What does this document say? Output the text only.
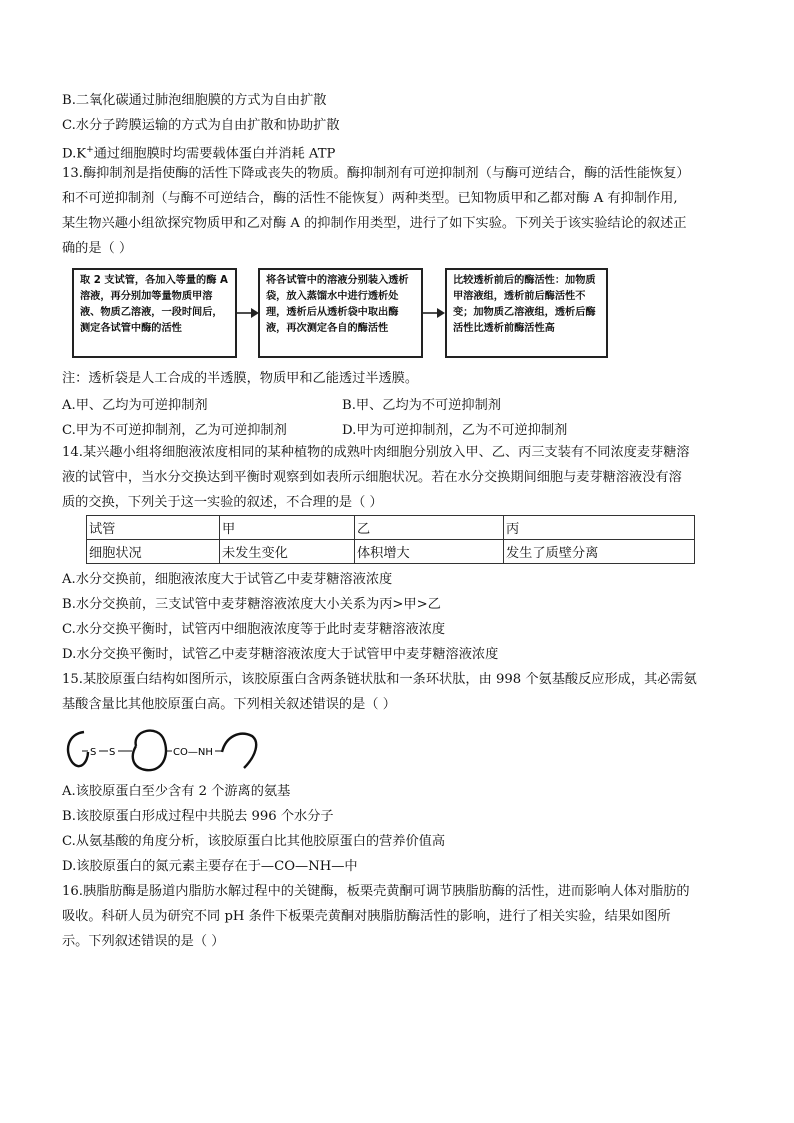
B.二氧化碳通过肺泡细胞膜的方式为自由扩散
C.水分子跨膜运输的方式为自由扩散和协助扩散
D.K+通过细胞膜时均需要载体蛋白并消耗 ATP
13.酶抑制剂是指使酶的活性下降或丧失的物质。酶抑制剂有可逆抑制剂（与酶可逆结合，酶的活性能恢复）
和不可逆抑制剂（与酶不可逆结合，酶的活性不能恢复）两种类型。已知物质甲和乙都对酶 A 有抑制作用,
某生物兴趣小组欲探究物质甲和乙对酶 A 的抑制作用类型，进行了如下实验。下列关于该实验结论的叙述正
确的是（ ）
取 2 支试管，各加入等量的酶 A 溶液，再分别加等量物质甲溶液、物质乙溶液，一段时间后，测定各试管中酶的活性
将各试管中的溶液分别装入透析袋，放入蒸馏水中进行透析处理，透析后从透析袋中取出酶液，再次测定各自的酶活性
比较透析前后的酶活性：加物质甲溶液组，透析前后酶活性不变；加物质乙溶液组，透析后酶活性比透析前酶活性高
注：透析袋是人工合成的半透膜，物质甲和乙能透过半透膜。
A.甲、乙均为可逆抑制剂	B.甲、乙均为不可逆抑制剂
C.甲为不可逆抑制剂，乙为可逆抑制剂	D.甲为可逆抑制剂，乙为不可逆抑制剂
14.某兴趣小组将细胞液浓度相同的某种植物的成熟叶肉细胞分别放入甲、乙、丙三支装有不同浓度麦芽糖溶
液的试管中，当水分交换达到平衡时观察到如表所示细胞状况。若在水分交换期间细胞与麦芽糖溶液没有溶
质的交换，下列关于这一实验的叙述，不合理的是（ ）
试管	甲	乙	丙
细胞状况	未发生变化	体积增大	发生了质壁分离
A.水分交换前，细胞液浓度大于试管乙中麦芽糖溶液浓度
B.水分交换前，三支试管中麦芽糖溶液浓度大小关系为丙>甲>乙
C.水分交换平衡时，试管丙中细胞液浓度等于此时麦芽糖溶液浓度
D.水分交换平衡时，试管乙中麦芽糖溶液浓度大于试管甲中麦芽糖溶液浓度
15.某胶原蛋白结构如图所示，该胶原蛋白含两条链状肽和一条环状肽，由 998 个氨基酸反应形成，其必需氨
基酸含量比其他胶原蛋白高。下列相关叙述错误的是（ ）
S S	CO—NH
A.该胶原蛋白至少含有 2 个游离的氨基
B.该胶原蛋白形成过程中共脱去 996 个水分子
C.从氨基酸的角度分析，该胶原蛋白比其他胶原蛋白的营养价值高
D.该胶原蛋白的氮元素主要存在于—CO—NH—中
16.胰脂肪酶是肠道内脂肪水解过程中的关键酶，板栗壳黄酮可调节胰脂肪酶的活性，进而影响人体对脂肪的
吸收。科研人员为研究不同 pH 条件下板栗壳黄酮对胰脂肪酶活性的影响，进行了相关实验，结果如图所
示。下列叙述错误的是（ ）
